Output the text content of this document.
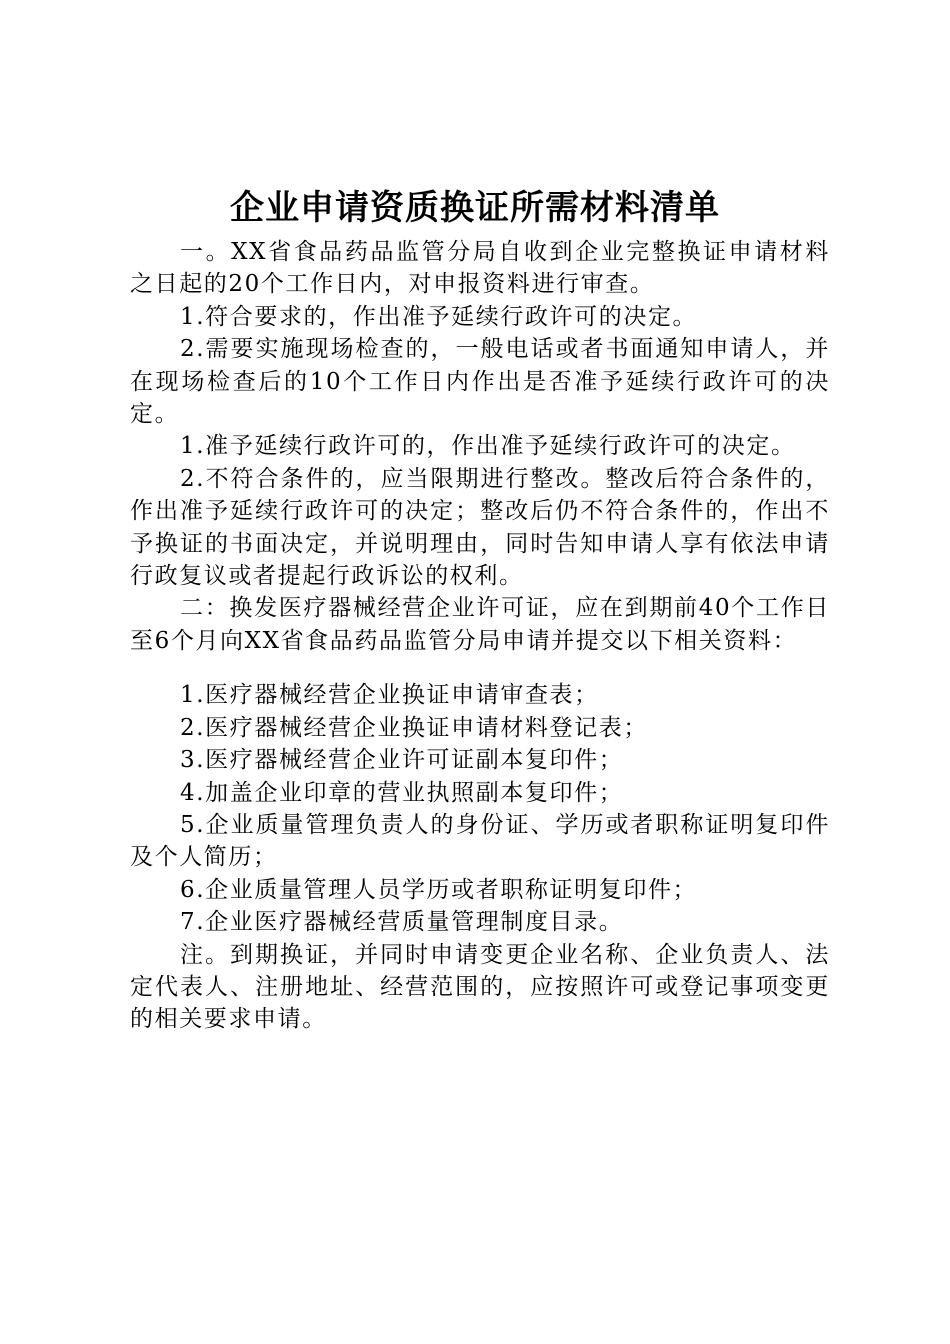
企业申请资质换证所需材料清单

一。XX省食品药品监管分局自收到企业完整换证申请材料之日起的20个工作日内，对申报资料进行审查。

1.符合要求的，作出准予延续行政许可的决定。

2.需要实施现场检查的，一般电话或者书面通知申请人，并在现场检查后的10个工作日内作出是否准予延续行政许可的决定。

1.准予延续行政许可的，作出准予延续行政许可的决定。

2.不符合条件的，应当限期进行整改。整改后符合条件的，作出准予延续行政许可的决定；整改后仍不符合条件的，作出不予换证的书面决定，并说明理由，同时告知申请人享有依法申请行政复议或者提起行政诉讼的权利。

二：换发医疗器械经营企业许可证，应在到期前40个工作日至6个月向XX省食品药品监管分局申请并提交以下相关资料：

1.医疗器械经营企业换证申请审查表；

2.医疗器械经营企业换证申请材料登记表；

3.医疗器械经营企业许可证副本复印件；

4.加盖企业印章的营业执照副本复印件；

5.企业质量管理负责人的身份证、学历或者职称证明复印件及个人简历；

6.企业质量管理人员学历或者职称证明复印件；

7.企业医疗器械经营质量管理制度目录。

注。到期换证，并同时申请变更企业名称、企业负责人、法定代表人、注册地址、经营范围的，应按照许可或登记事项变更的相关要求申请。
